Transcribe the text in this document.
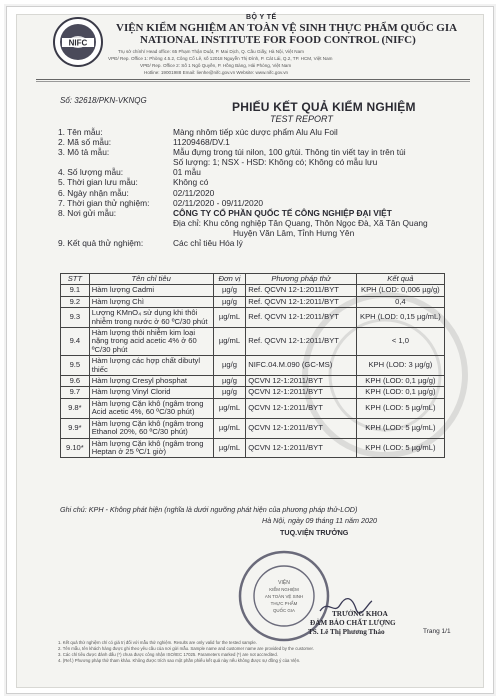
NIFC
BỘ Y TẾ
VIỆN KIỂM NGHIỆM AN TOÀN VỆ SINH THỰC PHẨM QUỐC GIA
NATIONAL INSTITUTE FOR FOOD CONTROL (NIFC)
Trụ sở chính/ Head office: 65 Phạm Thận Duật, P. Mai Dịch, Q. Cầu Giấy, Hà Nội, Việt Nam
VPĐ/ Rep. Office 1: Phòng 4.5.2, Công Cổ Lê, số 12018 Nguyễn Thị Đình, P. Cát Lái, Q.2, TP. HCM, Việt Nam
VPĐ/ Rep. Office 2: Số 1 Ngô Quyền, P. Hồng Bàng, Hải Phòng, Việt Nam
Hotline: 19001988 Email: lienhe@nifc.gov.vn Website: www.nifc.gov.vn
Số: 32618/PKN-VKNQG	PHIẾU KẾT QUẢ KIỂM NGHIỆM
TEST REPORT
1. Tên mẫu:	Màng nhôm tiếp xúc dược phẩm Alu Alu Foil
2. Mã số mẫu:	11209468/DV.1
3. Mô tả mẫu:	Mẫu đựng trong túi nilon, 100 g/túi. Thông tin viết tay in trên túi
Số lượng: 1; NSX - HSD: Không có; Không có mẫu lưu
4. Số lượng mẫu:	01 mẫu
5. Thời gian lưu mẫu:	Không có
6. Ngày nhận mẫu:	02/11/2020
7. Thời gian thử nghiệm:	02/11/2020 - 09/11/2020
8. Nơi gửi mẫu:	CÔNG TY CỔ PHẦN QUỐC TẾ CÔNG NGHIỆP ĐẠI VIỆT
Địa chỉ: Khu công nghiệp Tân Quang, Thôn Ngọc Đà, Xã Tân Quang
Huyện Văn Lâm, Tỉnh Hưng Yên
9. Kết quả thử nghiệm:	Các chỉ tiêu Hóa lý
STT	Tên chỉ tiêu	Đơn vị	Phương pháp thử	Kết quả
9.1	Hàm lượng Cadmi	µg/g	Ref. QCVN 12-1:2011/BYT	KPH (LOD: 0,006 µg/g)
9.2	Hàm lượng Chì	µg/g	Ref. QCVN 12-1:2011/BYT	0,4
9.3	Lượng KMnO₄ sử dụng khi thôi nhiễm trong nước ở 60 ºC/30 phút	µg/mL	Ref. QCVN 12-1:2011/BYT	KPH (LOD: 0,15 µg/mL)
9.4	Hàm lượng thôi nhiễm kim loại nặng trong acid acetic 4% ở 60 ºC/30 phút	µg/mL	Ref. QCVN 12-1:2011/BYT	< 1,0
9.5	Hàm lượng các hợp chất dibutyl thiếc	µg/g	NIFC.04.M.090 (GC-MS)	KPH (LOD: 3 µg/g)
9.6	Hàm lượng Cresyl phosphat	µg/g	QCVN 12-1:2011/BYT	KPH (LOD: 0,1 µg/g)
9.7	Hàm lượng Vinyl Clorid	µg/g	QCVN 12-1:2011/BYT	KPH (LOD: 0,1 µg/g)
9.8*	Hàm lượng Cặn khô (ngâm trong Acid acetic 4%, 60 ºC/30 phút)	µg/mL	QCVN 12-1:2011/BYT	KPH (LOD: 5 µg/mL)
9.9*	Hàm lượng Cặn khô (ngâm trong Ethanol 20%, 60 ºC/30 phút)	µg/mL	QCVN 12-1:2011/BYT	KPH (LOD: 5 µg/mL)
9.10*	Hàm lượng Cặn khô (ngâm trong Heptan ở 25 ºC/1 giờ)	µg/mL	QCVN 12-1:2011/BYT	KPH (LOD: 5 µg/mL)
Ghi chú: KPH - Không phát hiện (nghĩa là dưới ngưỡng phát hiện của phương pháp thử-LOD)
Hà Nội, ngày 09 tháng 11 năm 2020
TUQ.VIỆN TRƯỞNG
VIỆN
KIỂM NGHIỆM
AN TOÀN VỆ SINH
THỰC PHẨM
QUỐC GIA	TRƯỞNG KHOA
ĐẢM BẢO CHẤT LƯỢNG
TS. Lê Thị Phương Thảo
1. Kết quả thử nghiệm chỉ có giá trị đối với mẫu thử nghiệm. Results are only valid for the tested sample.
2. Tên mẫu, tên khách hàng được ghi theo yêu cầu của nơi gửi mẫu. Sample name and customer name are provided by the customer.
3. Các chỉ tiêu được đánh dấu (*) chưa được công nhận ISO/IEC 17025. Parameters marked (*) are not accredited.
4. (Ref.) Phương pháp thử tham khảo. Không được trích sao một phần phiếu kết quả này nếu không được sự đồng ý của Viện.
Trang 1/1
